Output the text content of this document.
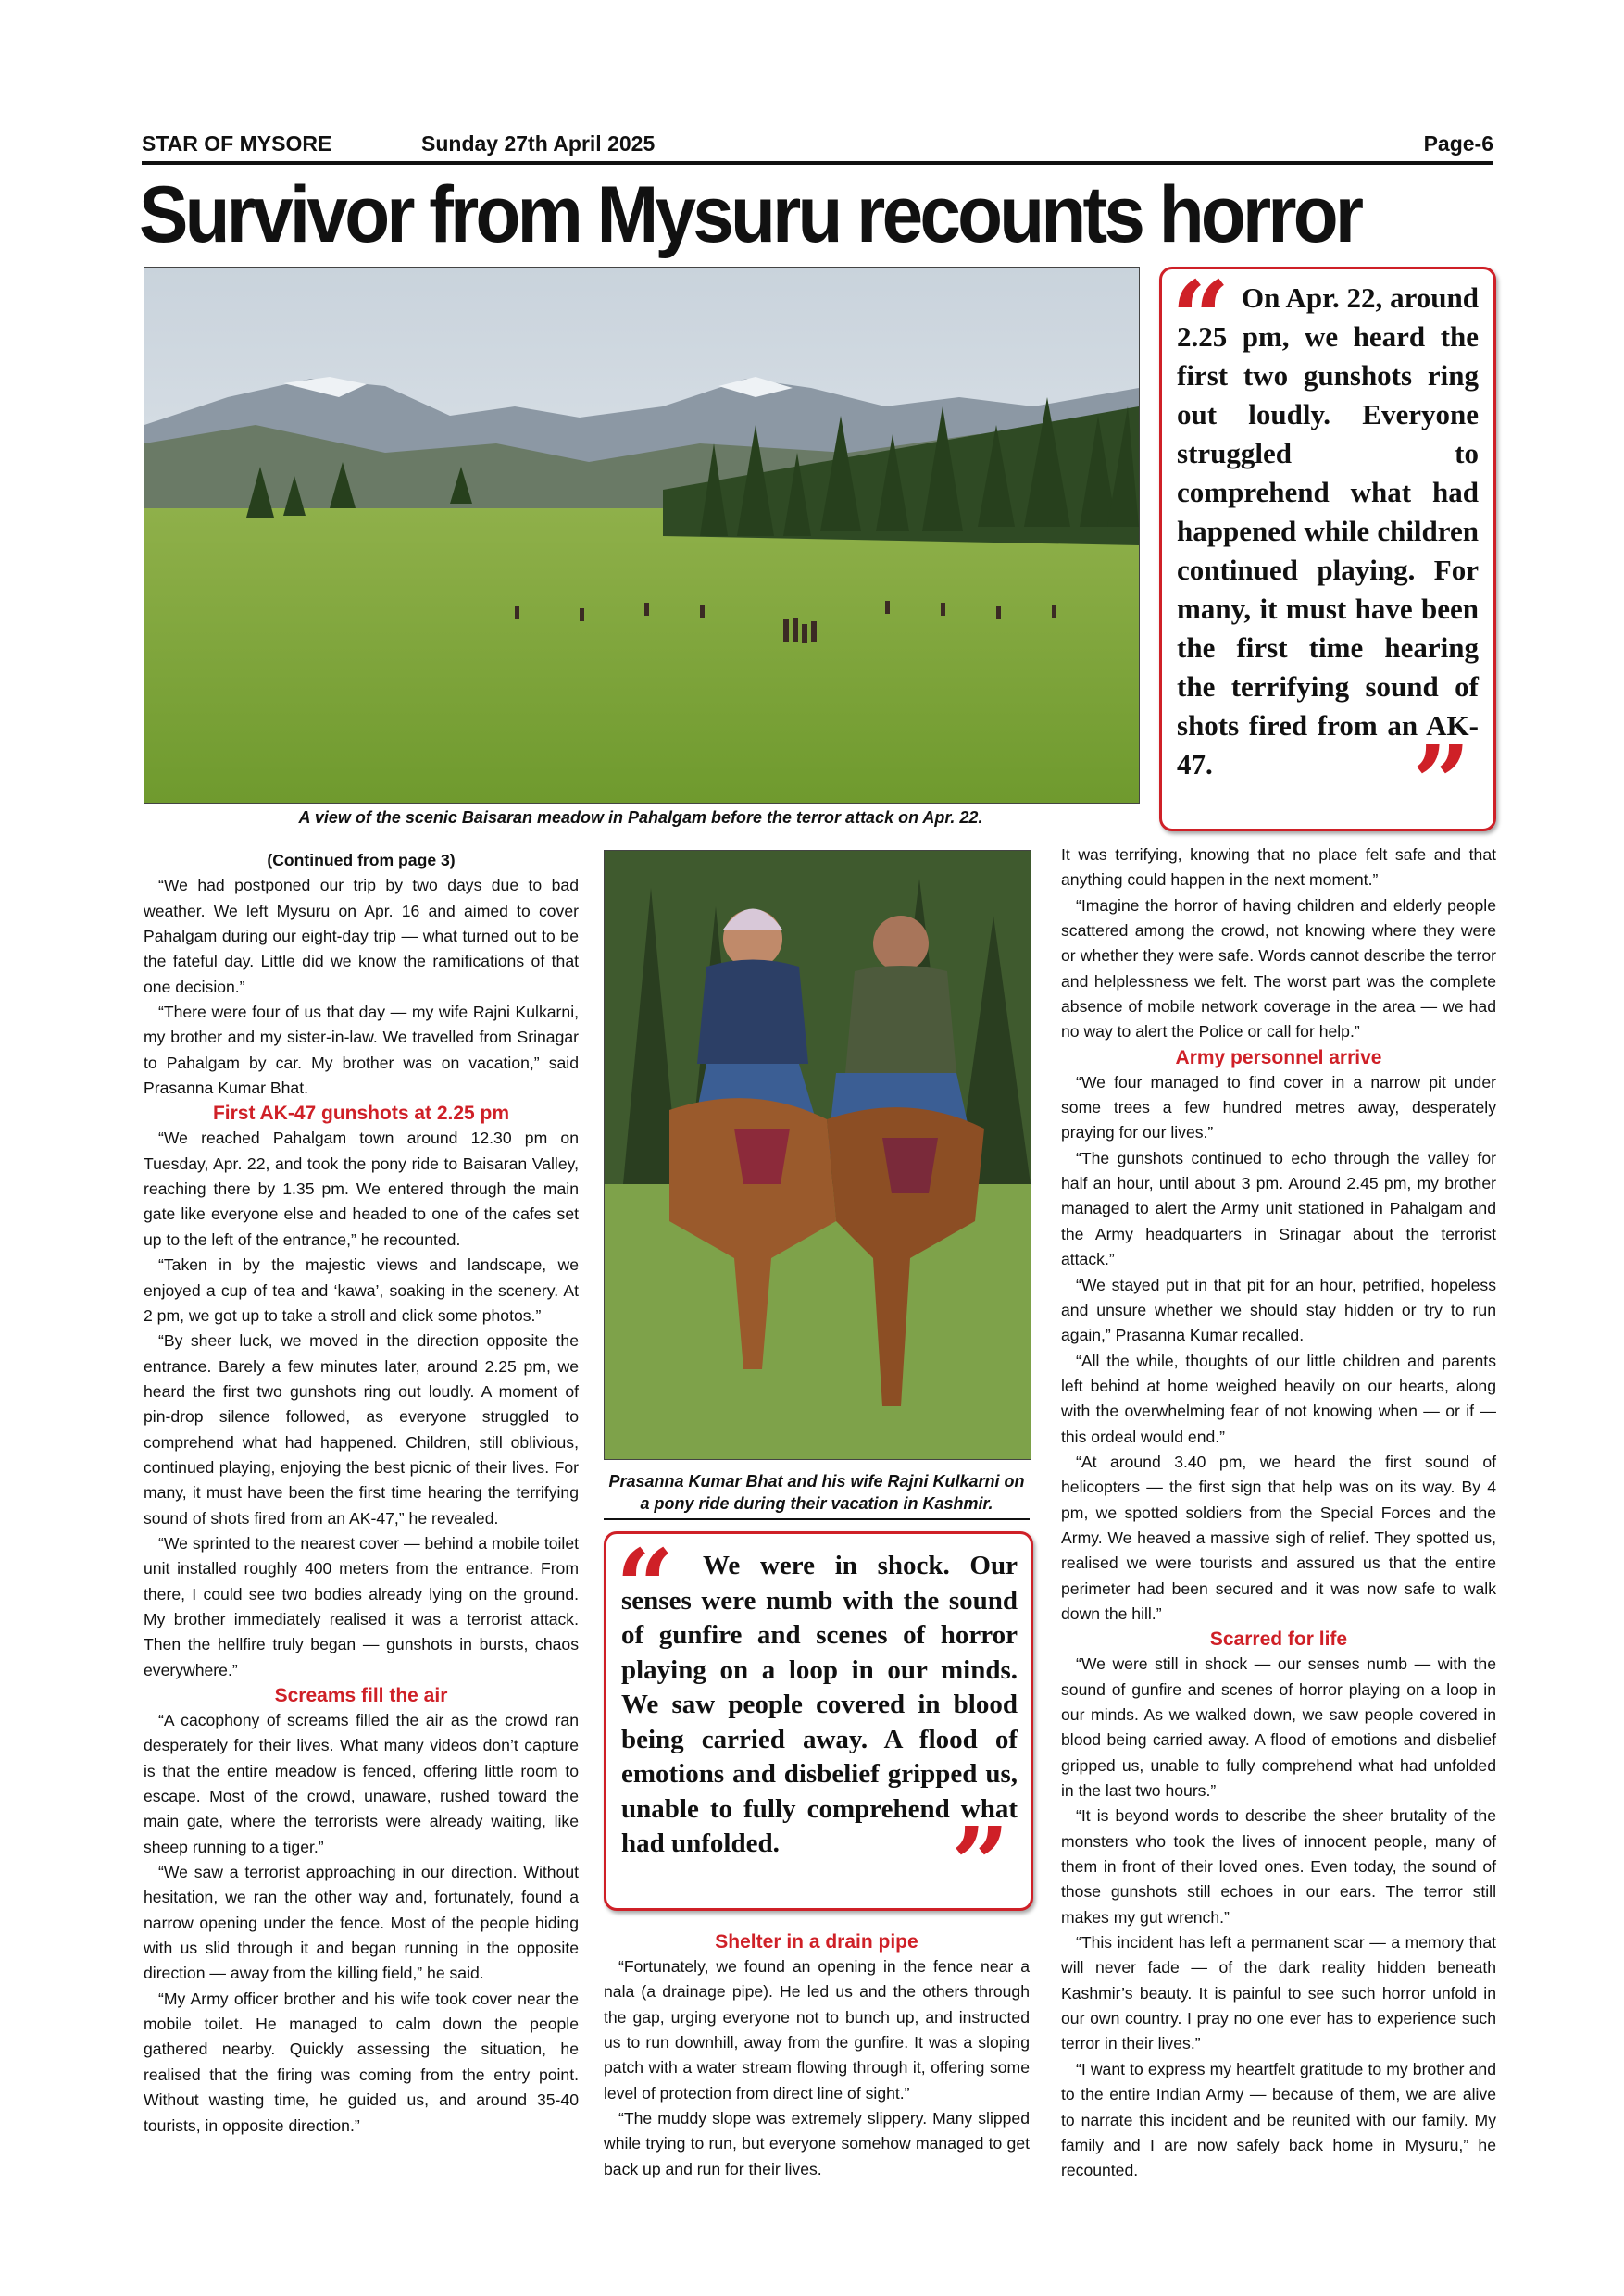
STAR OF MYSORE	Sunday 27th April 2025	Page-6
Survivor from Mysuru recounts horror
A view of the scenic Baisaran meadow in Pahalgam before the terror attack on Apr. 22.
“ On Apr. 22, around 2.25 pm, we heard the first two gunshots ring out loudly. Everyone struggled to comprehend what had happened while children continued playing. For many, it must have been the first time hearing the terrifying sound of shots fired from an AK-47.	”

(Continued from page 3)

“We had postponed our trip by two days due to bad weather. We left Mysuru on Apr. 16 and aimed to cover Pahalgam during our eight-day trip — what turned out to be the fateful day. Little did we know the ramifications of that one decision.”

“There were four of us that day — my wife Rajni Kulkarni, my brother and my sister-in-law. We travelled from Srinagar to Pahalgam by car. My brother was on vacation,” said Prasanna Kumar Bhat.

First AK-47 gunshots at 2.25 pm

“We reached Pahalgam town around 12.30 pm on Tuesday, Apr. 22, and took the pony ride to Baisaran Valley, reaching there by 1.35 pm. We entered through the main gate like everyone else and headed to one of the cafes set up to the left of the entrance,” he recounted.

“Taken in by the majestic views and landscape, we enjoyed a cup of tea and ‘kawa’, soaking in the scenery. At 2 pm, we got up to take a stroll and click some photos.”

“By sheer luck, we moved in the direction opposite the entrance. Barely a few minutes later, around 2.25 pm, we heard the first two gunshots ring out loudly. A moment of pin-drop silence followed, as everyone struggled to comprehend what had happened. Children, still oblivious, continued playing, enjoying the best picnic of their lives. For many, it must have been the first time hearing the terrifying sound of shots fired from an AK-47,” he revealed.

“We sprinted to the nearest cover — behind a mobile toilet unit installed roughly 400 meters from the entrance. From there, I could see two bodies already lying on the ground. My brother immediately realised it was a terrorist attack. Then the hellfire truly began — gunshots in bursts, chaos everywhere.”

Screams fill the air

“A cacophony of screams filled the air as the crowd ran desperately for their lives. What many videos don’t capture is that the entire meadow is fenced, offering little room to escape. Most of the crowd, unaware, rushed toward the main gate, where the terrorists were already waiting, like sheep running to a tiger.”

“We saw a terrorist approaching in our direction. Without hesitation, we ran the other way and, fortunately, found a narrow opening under the fence. Most of the people hiding with us slid through it and began running in the opposite direction — away from the killing field,” he said.

“My Army officer brother and his wife took cover near the mobile toilet. He managed to calm down the people gathered nearby. Quickly assessing the situation, he realised that the firing was coming from the entry point. Without wasting time, he guided us, and around 35-40 tourists, in opposite direction.”

Prasanna Kumar Bhat and his wife Rajni Kulkarni on a pony ride during their vacation in Kashmir.
“	We were in shock. Our senses were numb with the sound of gunfire and scenes of horror playing on a loop in our minds. We saw people covered in blood being carried away. A flood of emotions and disbelief gripped us, unable to fully comprehend what had unfolded.	”
Shelter in a drain pipe

“Fortunately, we found an opening in the fence near a nala (a drainage pipe). He led us and the others through the gap, urging everyone not to bunch up, and instructed us to run downhill, away from the gunfire. It was a sloping patch with a water stream flowing through it, offering some level of protection from direct line of sight.”

“The muddy slope was extremely slippery. Many slipped while trying to run, but everyone somehow managed to get back up and run for their lives.

It was terrifying, knowing that no place felt safe and that anything could happen in the next moment.”

“Imagine the horror of having children and elderly people scattered among the crowd, not knowing where they were or whether they were safe. Words cannot describe the terror and helplessness we felt. The worst part was the complete absence of mobile network coverage in the area — we had no way to alert the Police or call for help.”

Army personnel arrive

“We four managed to find cover in a narrow pit under some trees a few hundred metres away, desperately praying for our lives.”

“The gunshots continued to echo through the valley for half an hour, until about 3 pm. Around 2.45 pm, my brother managed to alert the Army unit stationed in Pahalgam and the Army headquarters in Srinagar about the terrorist attack.”

“We stayed put in that pit for an hour, petrified, hopeless and unsure whether we should stay hidden or try to run again,” Prasanna Kumar recalled.

“All the while, thoughts of our little children and parents left behind at home weighed heavily on our hearts, along with the overwhelming fear of not knowing when — or if — this ordeal would end.”

“At around 3.40 pm, we heard the first sound of helicopters — the first sign that help was on its way. By 4 pm, we spotted soldiers from the Special Forces and the Army. We heaved a massive sigh of relief. They spotted us, realised we were tourists and assured us that the entire perimeter had been secured and it was now safe to walk down the hill.”

Scarred for life

“We were still in shock — our senses numb — with the sound of gunfire and scenes of horror playing on a loop in our minds. As we walked down, we saw people covered in blood being carried away. A flood of emotions and disbelief gripped us, unable to fully comprehend what had unfolded in the last two hours.”

“It is beyond words to describe the sheer brutality of the monsters who took the lives of innocent people, many of them in front of their loved ones. Even today, the sound of those gunshots still echoes in our ears. The terror still makes my gut wrench.”

“This incident has left a permanent scar — a memory that will never fade — of the dark reality hidden beneath Kashmir’s beauty. It is painful to see such horror unfold in our own country. I pray no one ever has to experience such terror in their lives.”

“I want to express my heartfelt gratitude to my brother and to the entire Indian Army — because of them, we are alive to narrate this incident and be reunited with our family. My family and I are now safely back home in Mysuru,” he recounted.
